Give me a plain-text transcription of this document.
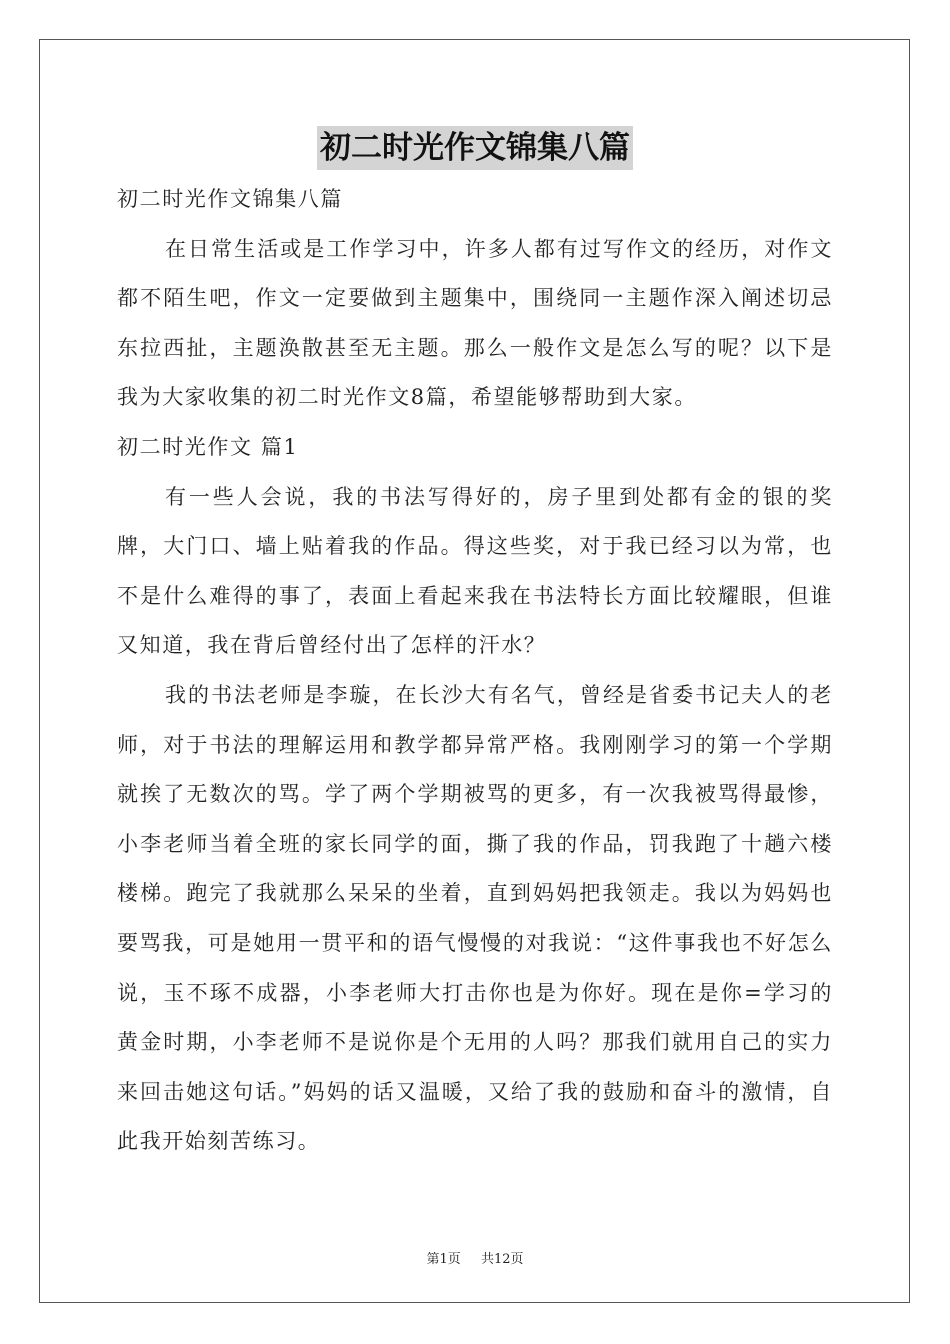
初二时光作文锦集八篇

初二时光作文锦集八篇

在日常生活或是工作学习中，许多人都有过写作文的经历，对作文都不陌生吧，作文一定要做到主题集中，围绕同一主题作深入阐述切忌东拉西扯，主题涣散甚至无主题。那么一般作文是怎么写的呢？以下是我为大家收集的初二时光作文8篇，希望能够帮助到大家。

初二时光作文 篇1

有一些人会说，我的书法写得好的，房子里到处都有金的银的奖牌，大门口、墙上贴着我的作品。得这些奖，对于我已经习以为常，也不是什么难得的事了，表面上看起来我在书法特长方面比较耀眼，但谁又知道，我在背后曾经付出了怎样的汗水？

我的书法老师是李璇，在长沙大有名气，曾经是省委书记夫人的老师，对于书法的理解运用和教学都异常严格。我刚刚学习的第一个学期就挨了无数次的骂。学了两个学期被骂的更多，有一次我被骂得最惨，小李老师当着全班的家长同学的面，撕了我的作品，罚我跑了十趟六楼楼梯。跑完了我就那么呆呆的坐着，直到妈妈把我领走。我以为妈妈也要骂我，可是她用一贯平和的语气慢慢的对我说：“这件事我也不好怎么说，玉不琢不成器，小李老师大打击你也是为你好。现在是你=学习的黄金时期，小李老师不是说你是个无用的人吗？那我们就用自己的实力来回击她这句话。”妈妈的话又温暖，又给了我的鼓励和奋斗的激情，自此我开始刻苦练习。

第1页 共12页
